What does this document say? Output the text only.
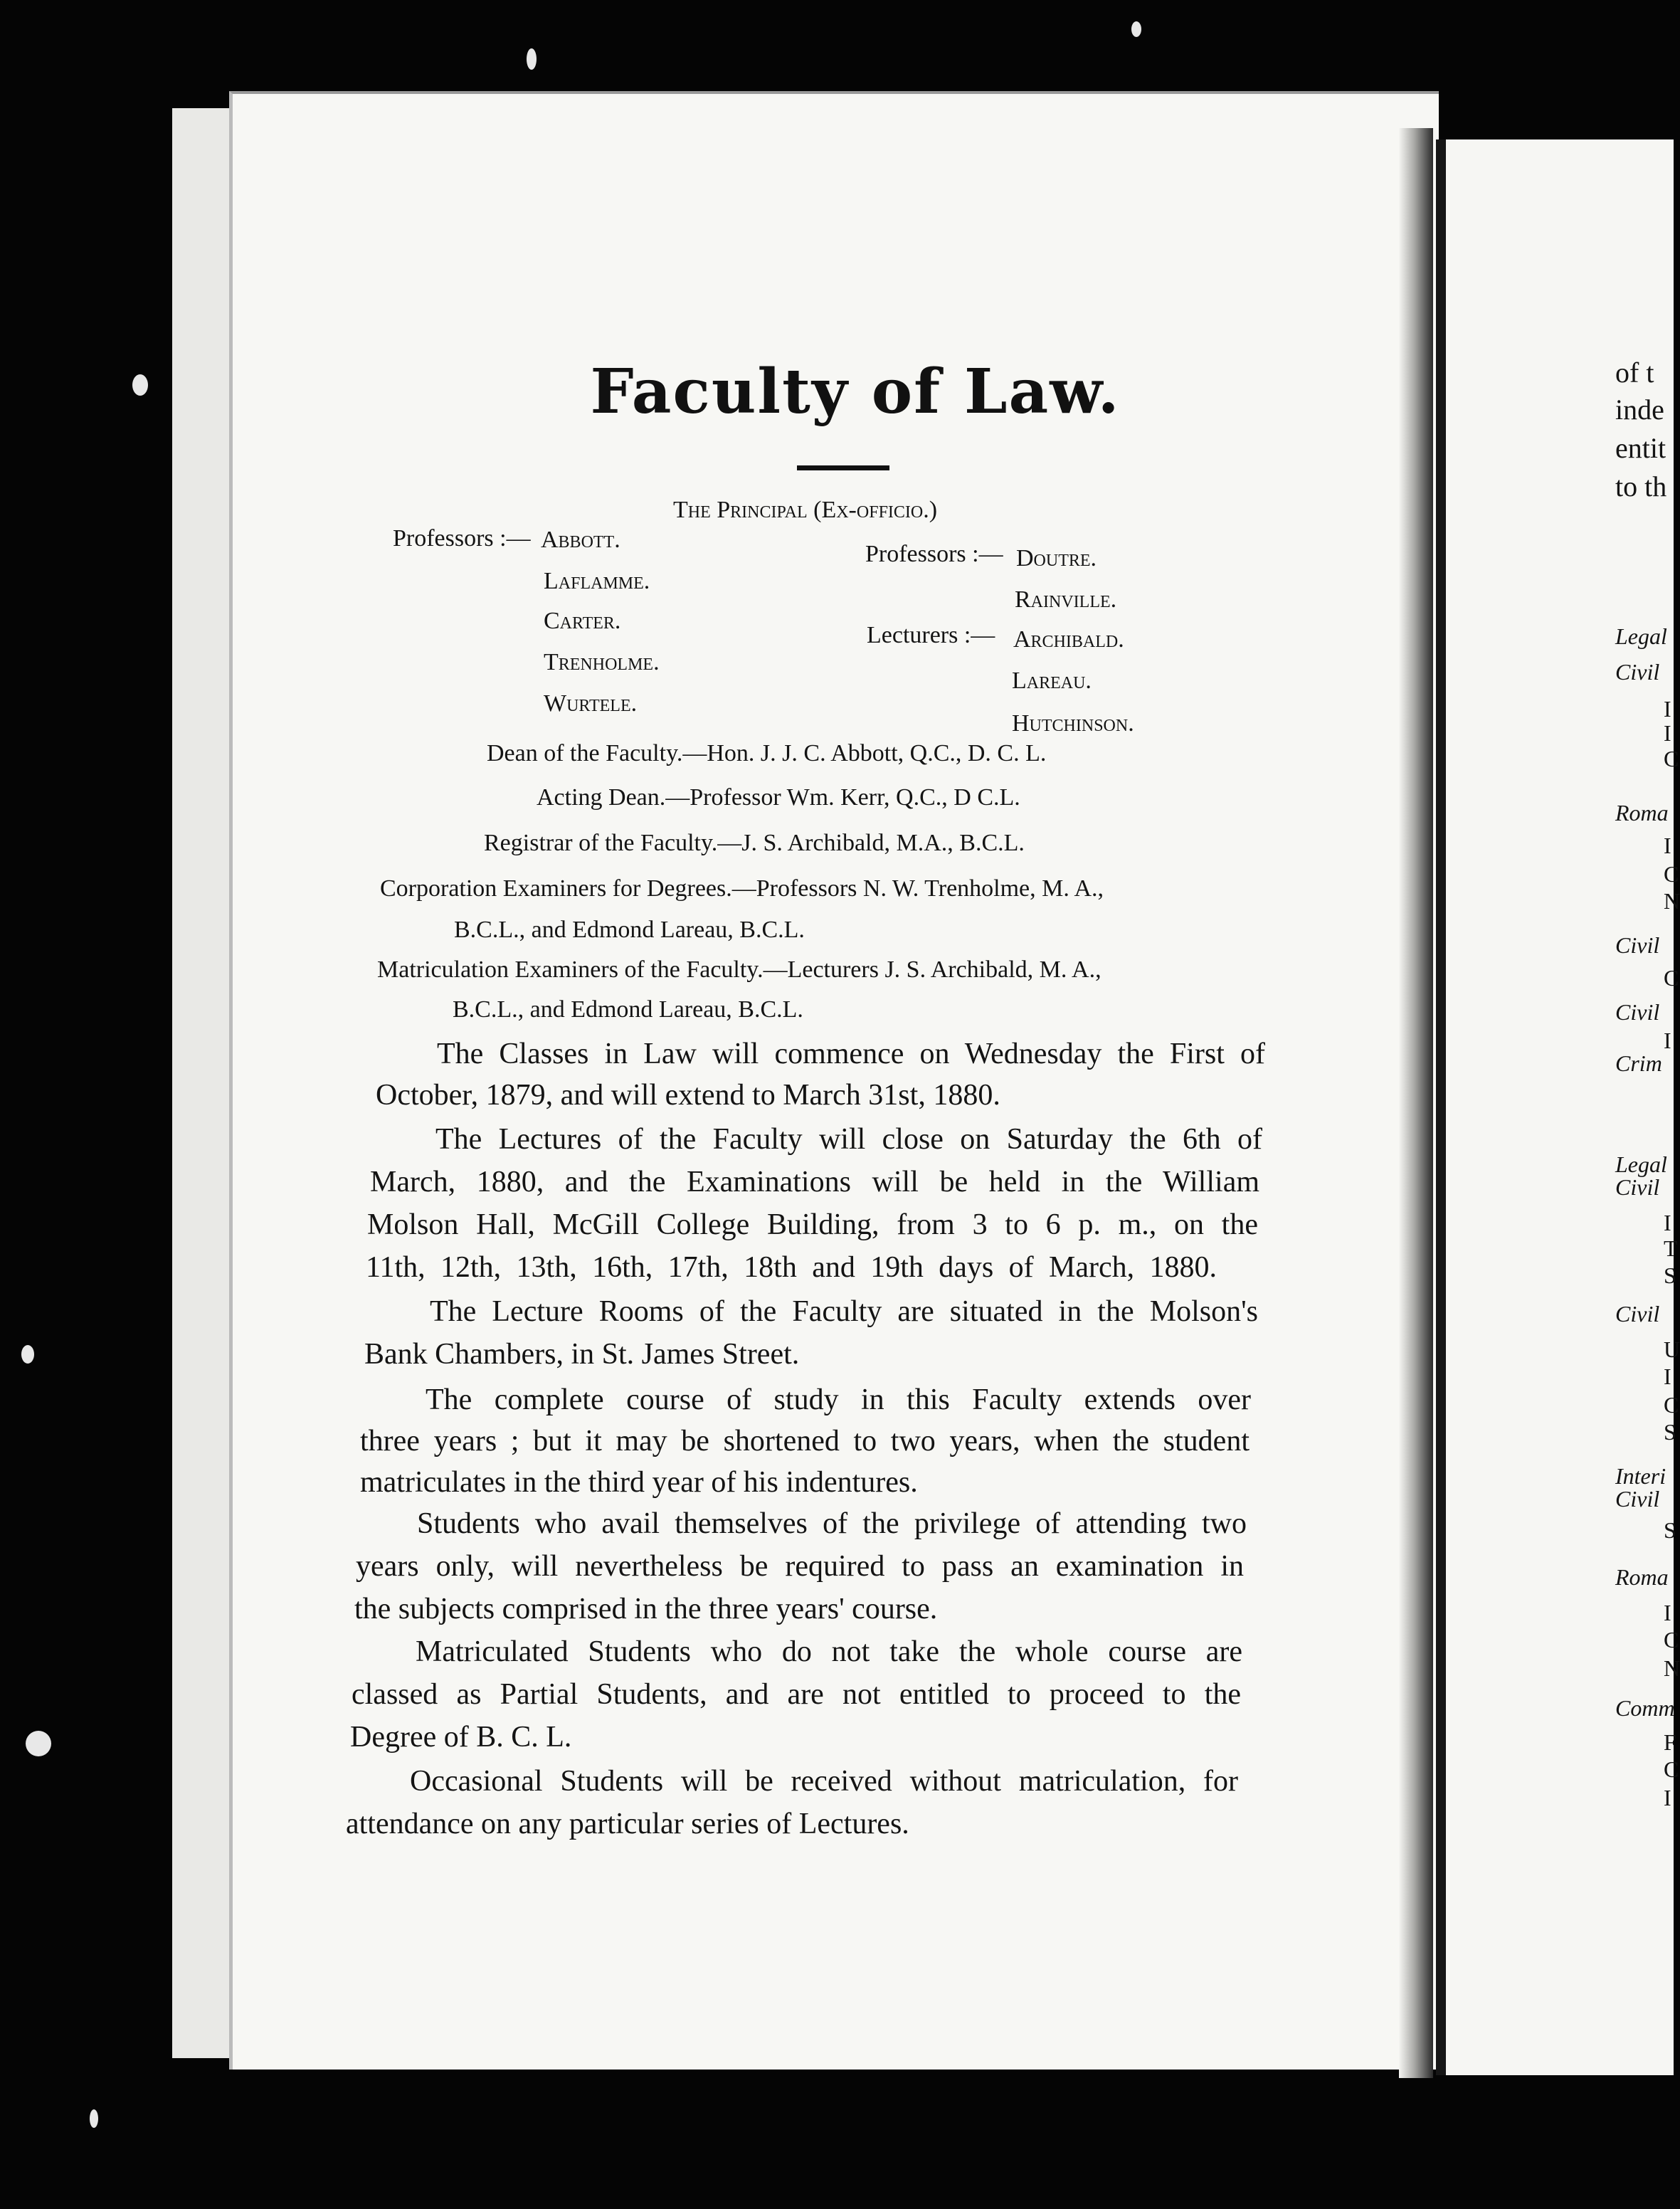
Faculty of Law.
The Principal (Ex-officio.)
Professors :— Abbott.
Laflamme.
Carter.
Trenholme.
Wurtele.
Professors :— Doutre.
Rainville.
Lecturers :— Archibald.
Lareau.
Hutchinson.
Dean of the Faculty.—Hon. J. J. C. Abbott, Q.C., D. C. L.
Acting Dean.—Professor Wm. Kerr, Q.C., D C.L.
Registrar of the Faculty.—J. S. Archibald, M.A., B.C.L.
Corporation Examiners for Degrees.—Professors N. W. Trenholme, M. A.,
B.C.L., and Edmond Lareau, B.C.L.
Matriculation Examiners of the Faculty.—Lecturers J. S. Archibald, M. A.,
B.C.L., and Edmond Lareau, B.C.L.
The Classes in Law will commence on Wednesday the First of
October, 1879, and will extend to March 31st, 1880.
The Lectures of the Faculty will close on Saturday the 6th of
March, 1880, and the Examinations will be held in the William
Molson Hall, McGill College Building, from 3 to 6 p. m., on the
11th, 12th, 13th, 16th, 17th, 18th and 19th days of March, 1880.
The Lecture Rooms of the Faculty are situated in the Molson's
Bank Chambers, in St. James Street.
The complete course of study in this Faculty extends over
three years ; but it may be shortened to two years, when the student
matriculates in the third year of his indentures.
Students who avail themselves of the privilege of attending two
years only, will nevertheless be required to pass an examination in
the subjects comprised in the three years' course.
Matriculated Students who do not take the whole course are
classed as Partial Students, and are not entitled to proceed to the
Degree of B. C. L.
Occasional Students will be received without matriculation, for
attendance on any particular series of Lectures.
of t
inde
entit
to th
Legal
Civil
Roma
Civil
Civil
Crim
Legal
Civil
Civil
Interi
Civil
Roma
Comm
I
I
C
I
C
N
C
I
I
T
S
U
I
C
S
S
I
C
N
F
C
I
